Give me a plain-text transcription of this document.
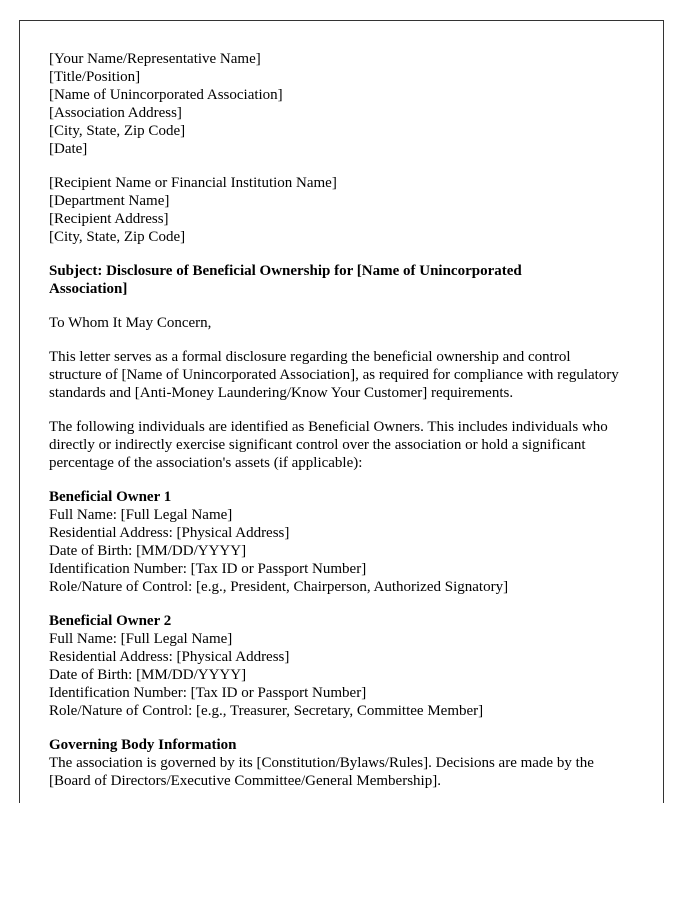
[Your Name/Representative Name]
[Title/Position]
[Name of Unincorporated Association]
[Association Address]
[City, State, Zip Code]
[Date]
[Recipient Name or Financial Institution Name]
[Department Name]
[Recipient Address]
[City, State, Zip Code]

Subject: Disclosure of Beneficial Ownership for [Name of Unincorporated Association]

To Whom It May Concern,

This letter serves as a formal disclosure regarding the beneficial ownership and control structure of [Name of Unincorporated Association], as required for compliance with regulatory standards and [Anti-Money Laundering/Know Your Customer] requirements.

The following individuals are identified as Beneficial Owners. This includes individuals who directly or indirectly exercise significant control over the association or hold a significant percentage of the association's assets (if applicable):

Beneficial Owner 1
Full Name: [Full Legal Name]
Residential Address: [Physical Address]
Date of Birth: [MM/DD/YYYY]
Identification Number: [Tax ID or Passport Number]
Role/Nature of Control: [e.g., President, Chairperson, Authorized Signatory]
Beneficial Owner 2
Full Name: [Full Legal Name]
Residential Address: [Physical Address]
Date of Birth: [MM/DD/YYYY]
Identification Number: [Tax ID or Passport Number]
Role/Nature of Control: [e.g., Treasurer, Secretary, Committee Member]
Governing Body Information

The association is governed by its [Constitution/Bylaws/Rules]. Decisions are made by the [Board of Directors/Executive Committee/General Membership].
